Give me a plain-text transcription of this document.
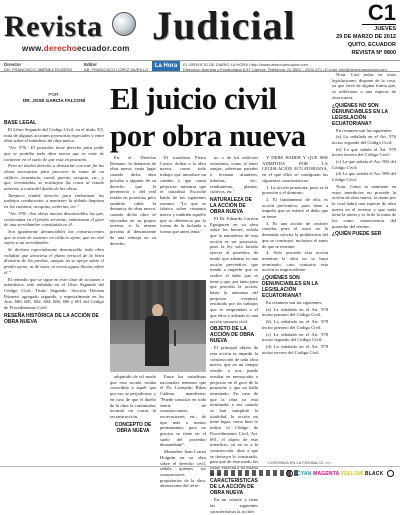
Revista Judicial
www.derechoecuador.com
C1
JUEVES
29 DE MARZO DE 2012
QUITO, ECUADOR
REVISTA Nº 9800
Director
DR. FRANCISCO JIMÉNEZ ROSERO
Editor
AB. FRANCISCO LÓPEZ MURILLO
La Hora	EL SERVICIO DE DIARIO LA HORA | http://www.derechoecuador.com
Dirección: Avenida y Ecuatoriana 8-57 Carrera. Teléfonos: 22-5522 - 2522-471 | E-mail: info@derechoecuador.com
El juicio civil por obra nueva
POR:
DR. JOSÉ GARCÍA FALCONÍ
BASE LEGAL

El Libro Segundo del Código Civil, en el título XV, trata de algunas acciones posesorias especiales y entre ellas sobre el interdicto de obra nueva.

"Art. 976.- El poseedor tiene derecho para pedir que se prohíba toda obra nueva que se trate de construir en el suelo de que está en posesión.

Pero no tendrá derecho a denunciar con este fin las obras necesarias para precaver la ruina de un edificio, acueducto, canal, puente, acequia, etc., y que, terminadas, se restituyan las cosas al estado anterior, a costa del dueño de las obras.

Tampoco tendrá derecho para embarazar los trabajos conducentes a mantener la debida limpieza en los caminos, acequias, cañerías, etc."

"Art. 978.- Son obras nuevas denunciables las que, construidas en el predio sirviente, embarazan el goce de una servidumbre constituida en él.

Son igualmente denunciables las construcciones que se trate de sostener en edificio ajeno, que no esté sujeto a tal servidumbre.

Se declara especialmente denunciable toda obra voladiza que atraviesa el plano vertical de la línea divisoria de los predios, aunque no se apoye sobre el predio ajeno, ni dé vista, ni vierta aguas lluvias sobre él."

El remedio que se sigue en este clase de acciones o interdictos, está señalado en el Libro Segundo del Código Civil, Título Segundo, Sección Décima Primera, agregado segundo, y especialmente en los Arts. 680, 681, 682, 684, 686, 690 y 691 del Código de Procedimiento Civil.

RESEÑA HISTÓRICA DE LA ACCIÓN DE OBRA NUEVA

En el Derecho Romano, la denuncia de obra nueva, tenía lugar cuando dicha obra privaba a alguien de su derecho que le pertenecía o del real estado en posesión, pero también cabía la denuncia de obra nueva, cuando dicha obra se ejecutaba en su propio terreno, si la misma privaba al denunciante de una ventaja en su derecho.

adquirido de tal modo que esta acción estaba concedida a aquél que por eso se perjudicara; y en caso de que el dueño de la obra la continuaba, incurría en costas la reconstrucción.

CONCEPTO DE OBRA NUEVA

El tratadista Pietro Castro, define a la obra nueva, como todo trabajo que introduce un cambio y que causa perjuicio; mientras que el tratadista Escriche habla de las siguientes razones: "Lo que se fabrica sobre cimiento nuevo y también aquello que se diferencia por la forma de la fachada o forma que antes tenía."

Entre los tratadistas nacionales tenemos que el Dr. Leonardo Ribas Cadena, manifiesta: "Puede consistir en toda suerte de construcciones, excavaciones, etc., de tipo más o menos permanentes, pero no precisa se tiene en el suelo del poseedor demandante".

Monseñor Juan Larrea Holguín en su obra sobre el derecho civil, señala quienes ser constructores propietarios de la obra, alteraciones del terre-

no o de los edificios existentes, como al tener zanjas, sobrestar paredes o levantar alambres, tuberías, etc., rendimiento, plantas, cultivos, etc."

NATURALEZA DE LA ACCIÓN DE OBRA NUEVA

El Dr. Eduardo Carrión Eguiguren en su obra sobre los bienes, señala que la naturaleza de esta acción es ser posesoria, pues la ley solo faculta ejercer al poseedor, de modo que ademas es una acción preventiva, que tiende a impedir que se realice el daño que se teme y que, por tanto para que proceda la acción, basta la amenaza del perjuicio eventual, restituido por los trabajos que se emprendan o el que ellos y además es una acción sumaria civil.

OBJETO DE LA ACCIÓN DE OBRA NUEVA

El principal objeto de esta acción es impedir la construcción de toda obra nueva, que en un tiempo resulte a nos puede resultar en menoscabo o perjuicio en el goce de la posesión; y que no halla terminado. En caso de que la obra ya está terminada, o sea cuando se han cumplido la totalidad, la acción no tiene lugar, como bien lo indica el Código de Procedimiento Civil, Art. 691, el objeto de este interdicto, ya no es a la construcción, dino a que se destruya lo construido, para que de este modo las cosas vuelvan a su estado

CARACTERÍSTICAS DE LA ACCIÓN DE OBRA NUEVA

En mi criterio y tiene las siguientes características la acción:

Y DEBE HABER Y QUE SER ADMITIDA POR LA LEGISLACIÓN ECUATORIANA, en el que ellos se configuran las siguientes características:

1. La acción posesoria, pues es la posesión y el dominio;

2. El fundamento de ella, es acción preventiva, pues tiene a impedir que se realice el daño que se teme;

3. Es una acción de carácter cautelar pues el actor no la demanda solicita la prohibición del que se construye, inclusive el antes de que se termine;

4. Solo procede esta acción mientras la obra no se haya terminado, caso contrario esta acción es improcedente.

¿QUIÉNES SON DENUNCIABLES EN LA LEGISLACIÓN ECUATORIANA?

En resumen son las siguientes:

(a) La señalada en el Art. 978 inciso primero del Código Civil,

(b) La señalada en el Art. 978 inciso primero del Código Civil,

(c) La señalada en el Art. 978 inciso segundo del Código Civil,

(d) La señalada en el Art. 978 inciso tercero del Código Civil.

Nota: Casi todas en otras legislaciones, dispone de la cosa, ya que sirve de alguna forma que, se reflexione a una especie de obra nueva,

¿QUIÉNES NO SON DENUNCIABLES EN LA LEGISLACIÓN ECUATORIANA?

En resumen son las siguientes:

(a) La señalada en el Art. 976 inciso segundo del Código Civil;

(b) La que señala el Art. 979 inciso tercero del Código Civil;

(c) La que señala el Art. 982 del Código Civil;

(d) La que señala el Art. 989 del Código Civil.

Nota: Como se mantiene en estos interdictos no procede la acción de obra nueva, la razón por lo cual habrá una especie de obra nueva en el terreno y que nada tiene la razón y es la de la ruina de los como consecuencia del poseedor del terreno.

¿QUIÉN PUEDE SER
CONTINÚA EN LA PÁGINA C2 >>>
CYAN MAGENTA YELLOW BLACK
